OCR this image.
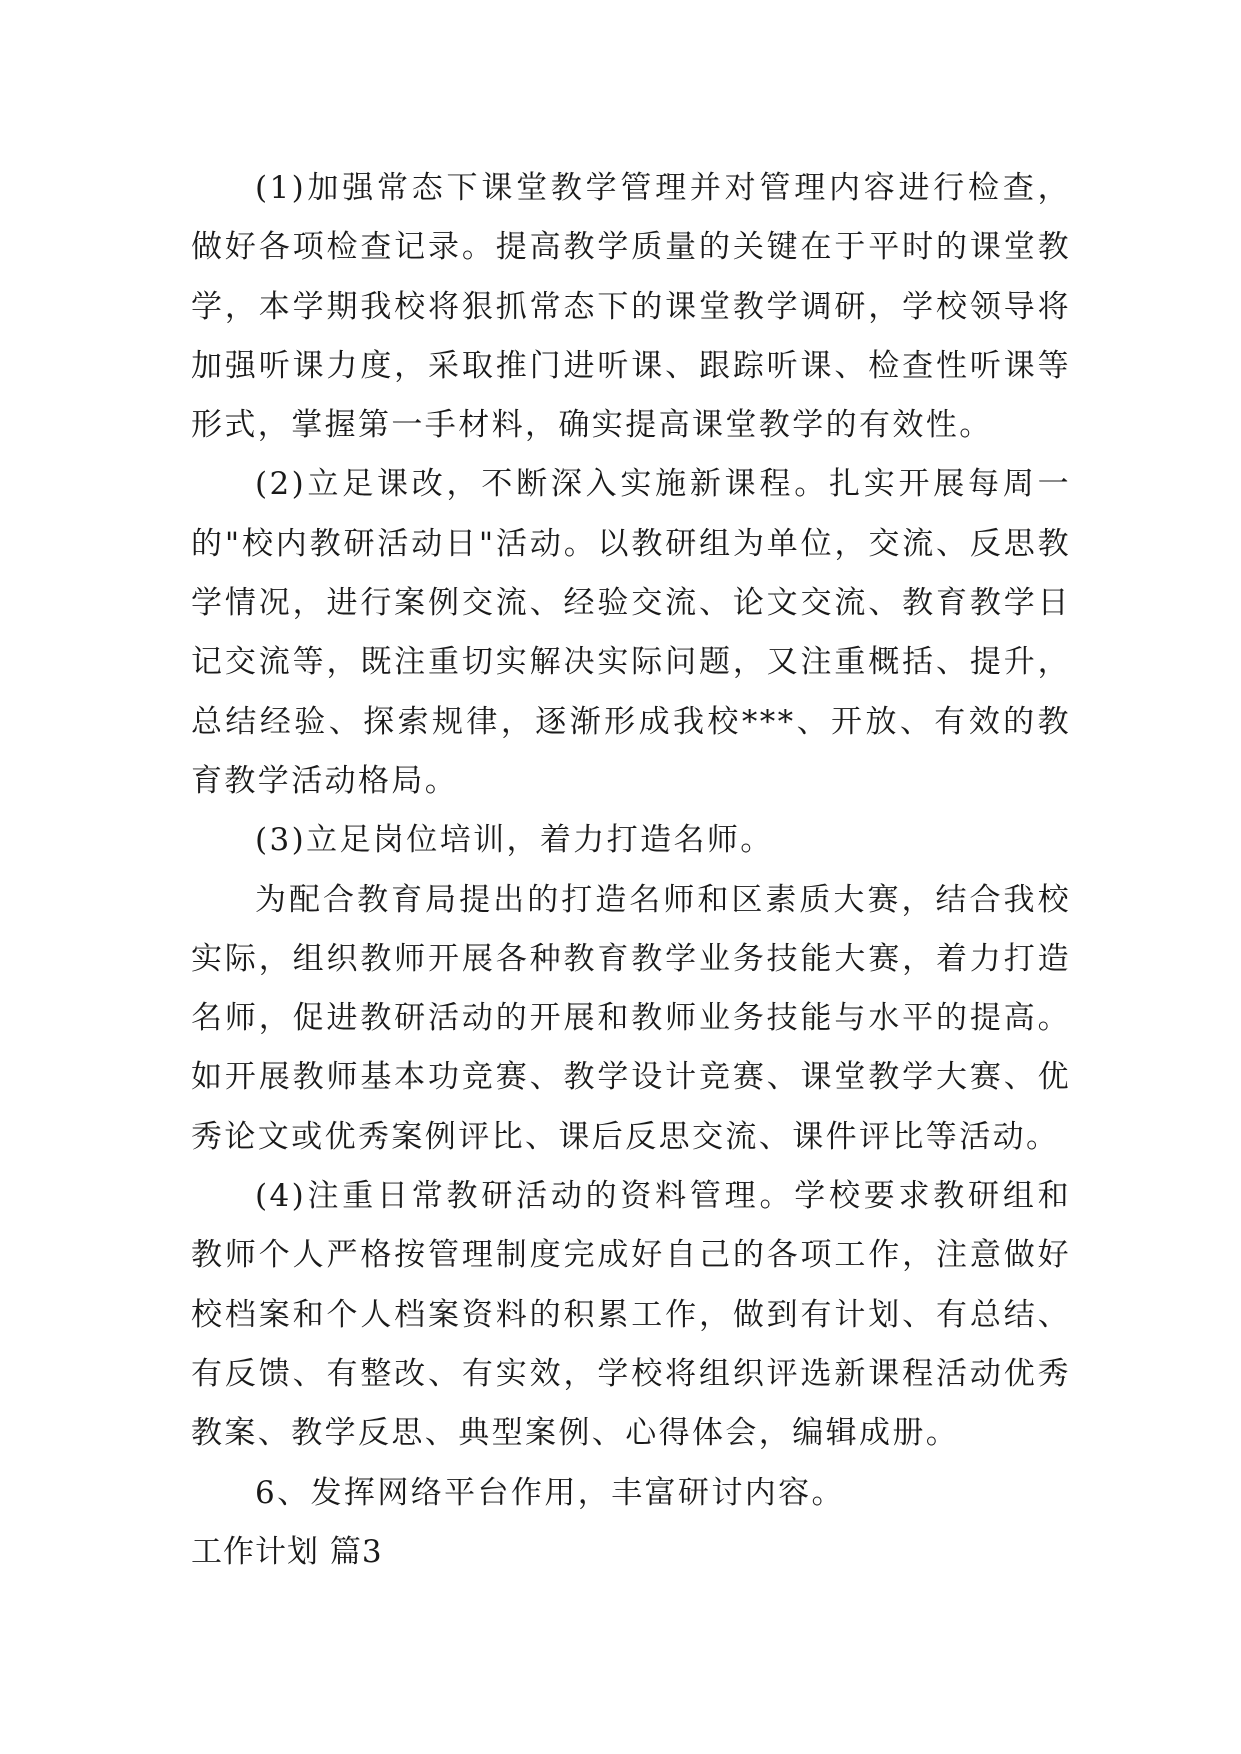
(1)加强常态下课堂教学管理并对管理内容进行检查，做好各项检查记录。提高教学质量的关键在于平时的课堂教学，本学期我校将狠抓常态下的课堂教学调研，学校领导将加强听课力度，采取推门进听课、跟踪听课、检查性听课等形式，掌握第一手材料，确实提高课堂教学的有效性。

(2)立足课改，不断深入实施新课程。扎实开展每周一的"校内教研活动日"活动。以教研组为单位，交流、反思教学情况，进行案例交流、经验交流、论文交流、教育教学日记交流等，既注重切实解决实际问题，又注重概括、提升，总结经验、探索规律，逐渐形成我校***、开放、有效的教育教学活动格局。

(3)立足岗位培训，着力打造名师。

为配合教育局提出的打造名师和区素质大赛，结合我校实际，组织教师开展各种教育教学业务技能大赛，着力打造名师，促进教研活动的开展和教师业务技能与水平的提高。如开展教师基本功竞赛、教学设计竞赛、课堂教学大赛、优秀论文或优秀案例评比、课后反思交流、课件评比等活动。

(4)注重日常教研活动的资料管理。学校要求教研组和教师个人严格按管理制度完成好自己的各项工作，注意做好校档案和个人档案资料的积累工作，做到有计划、有总结、有反馈、有整改、有实效，学校将组织评选新课程活动优秀教案、教学反思、典型案例、心得体会，编辑成册。

6、发挥网络平台作用，丰富研讨内容。

工作计划 篇3
